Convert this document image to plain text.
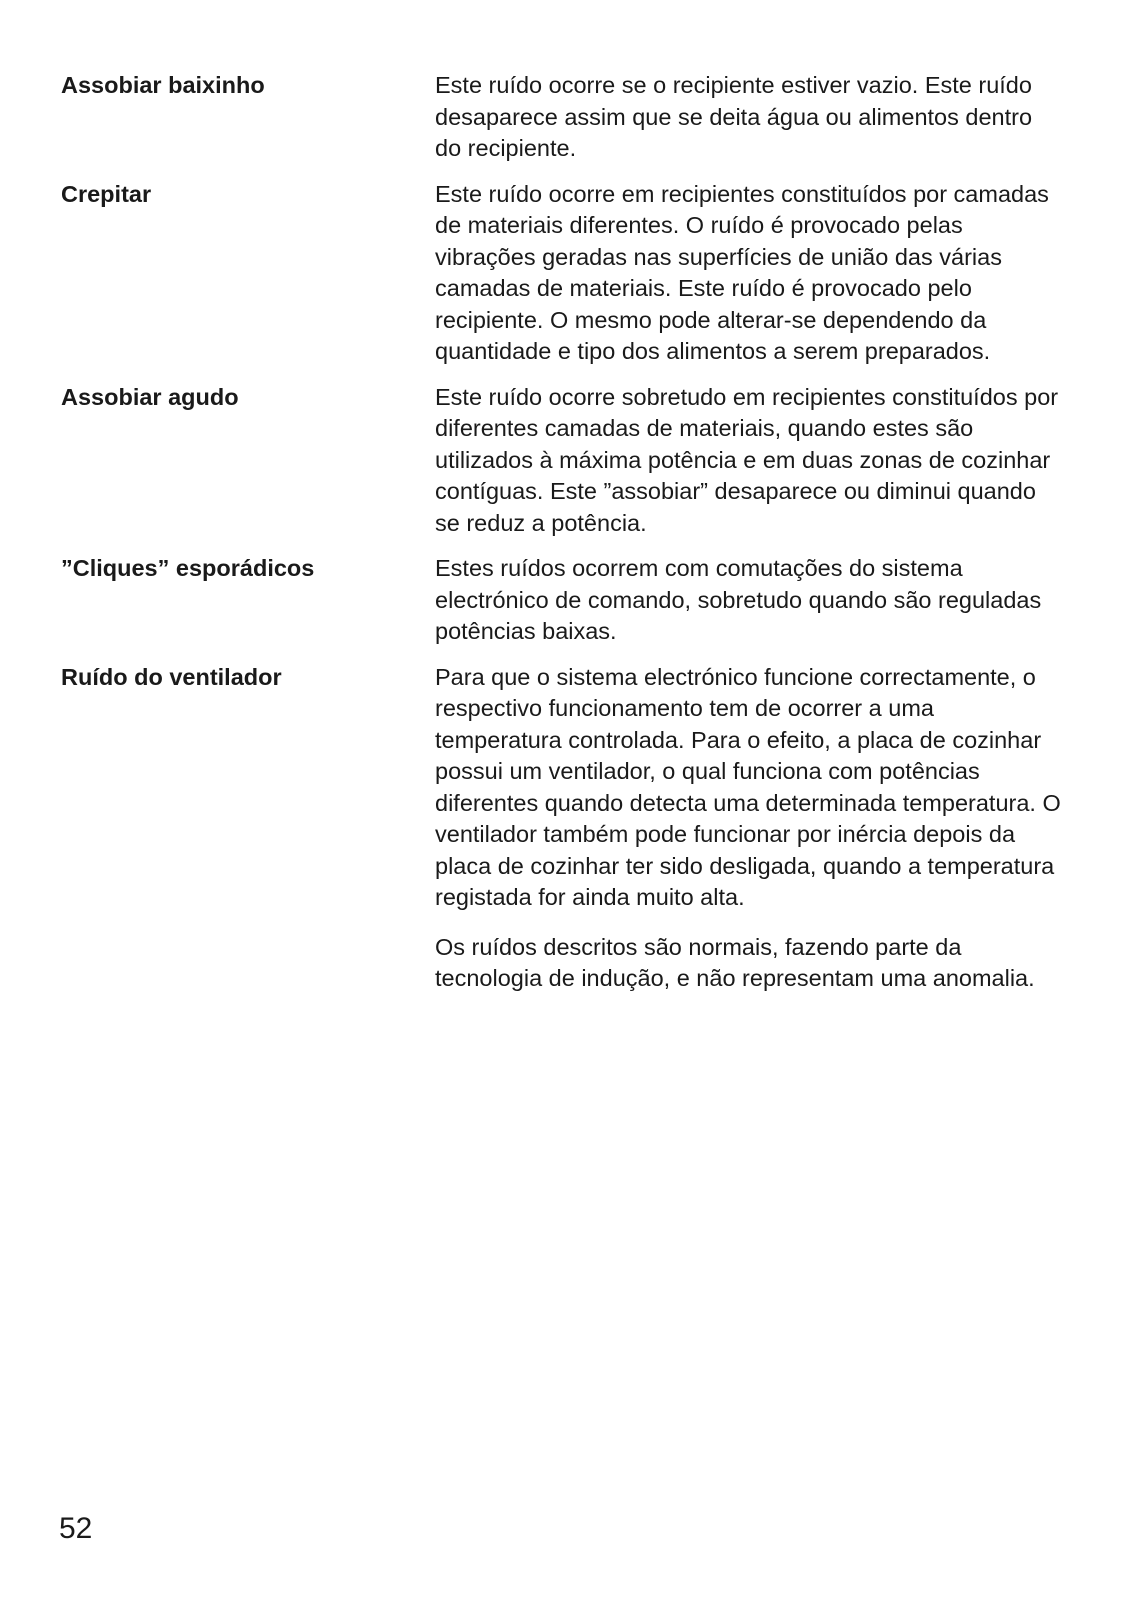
Assobiar baixinho	Este ruído ocorre se o recipiente estiver vazio. Este ruído desaparece assim que se deita água ou alimentos dentro do recipiente.

Crepitar	Este ruído ocorre em recipientes constituídos por camadas de materiais diferentes. O ruído é provocado pelas vibrações geradas nas superfícies de união das várias camadas de materiais. Este ruído é provocado pelo recipiente. O mesmo pode alterar-se dependendo da quantidade e tipo dos alimentos a serem preparados.

Assobiar agudo	Este ruído ocorre sobretudo em recipientes constituídos por diferentes camadas de materiais, quando estes são utilizados à máxima potência e em duas zonas de cozinhar contíguas. Este ”assobiar” desaparece ou diminui quando se reduz a potência.

”Cliques” esporádicos	Estes ruídos ocorrem com comutações do sistema electrónico de comando, sobretudo quando são reguladas potências baixas.

Ruído do ventilador	Para que o sistema electrónico funcione correctamente, o respectivo funcionamento tem de ocorrer a uma temperatura controlada. Para o efeito, a placa de cozinhar possui um ventilador, o qual funciona com potências diferentes quando detecta uma determinada temperatura. O ventilador também pode funcionar por inércia depois da placa de cozinhar ter sido desligada, quando a temperatura registada for ainda muito alta.

Os ruídos descritos são normais, fazendo parte da tecnologia de indução, e não representam uma anomalia.

52
